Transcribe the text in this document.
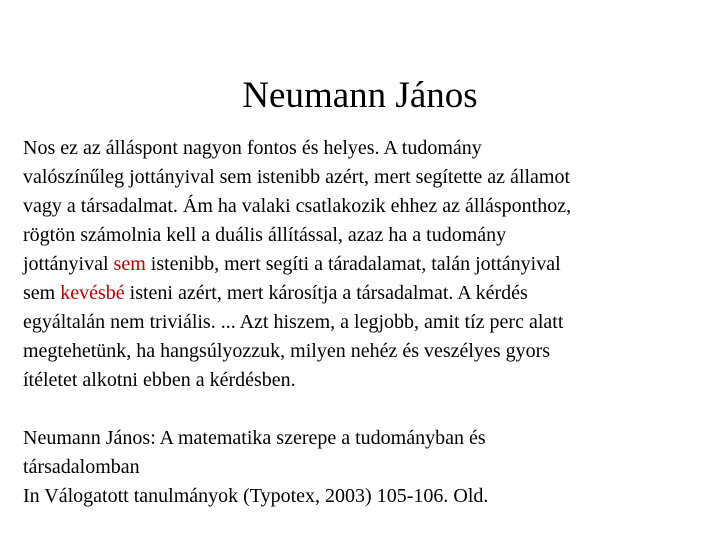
Neumann János

Nos ez az álláspont nagyon fontos és helyes. A tudomány
valószínűleg jottányival sem istenibb azért, mert segítette az államot
vagy a társadalmat. Ám ha valaki csatlakozik ehhez az állásponthoz,
rögtön számolnia kell a duális állítással, azaz ha a tudomány
jottányival sem istenibb, mert segíti a táradalamat, talán jottányival
sem kevésbé isteni azért, mert károsítja a társadalmat. A kérdés
egyáltalán nem triviális. ... Azt hiszem, a legjobb, amit tíz perc alatt
megtehetünk, ha hangsúlyozzuk, milyen nehéz és veszélyes gyors
ítéletet alkotni ebben a kérdésben.

Neumann János: A matematika szerepe a tudományban és
társadalomban
In Válogatott tanulmányok (Typotex, 2003) 105-106. Old.
